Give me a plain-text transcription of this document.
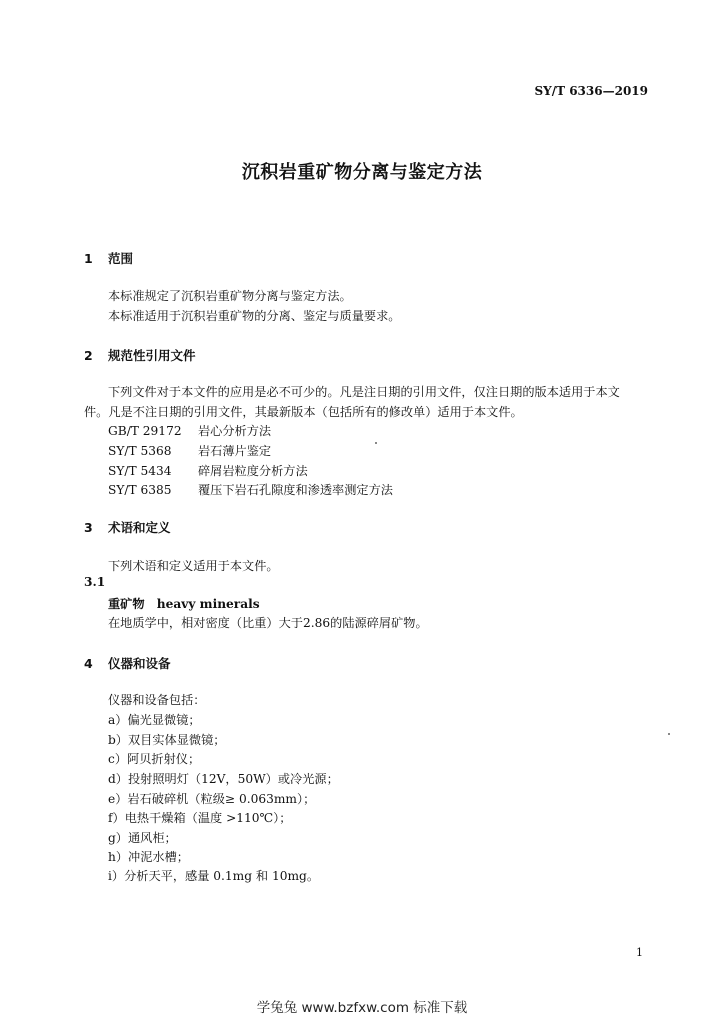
SY/T 6336—2019
沉积岩重矿物分离与鉴定方法
1 范围
本标准规定了沉积岩重矿物分离与鉴定方法。
本标准适用于沉积岩重矿物的分离、鉴定与质量要求。
2 规范性引用文件
下列文件对于本文件的应用是必不可少的。凡是注日期的引用文件，仅注日期的版本适用于本文
件。凡是不注日期的引用文件，其最新版本（包括所有的修改单）适用于本文件。
GB/T 29172 岩心分析方法
SY/T 5368 岩石薄片鉴定
SY/T 5434 碎屑岩粒度分析方法
SY/T 6385 覆压下岩石孔隙度和渗透率测定方法
3 术语和定义
下列术语和定义适用于本文件。
3.1
重矿物　heavy minerals
在地质学中，相对密度（比重）大于2.86的陆源碎屑矿物。
4 仪器和设备
仪器和设备包括：
a）偏光显微镜；
b）双目实体显微镜；
c）阿贝折射仪；
d）投射照明灯（12V，50W）或冷光源；
e）岩石破碎机（粒级≥ 0.063mm）；
f）电热干燥箱（温度 >110℃）；
g）通风柜；
h）冲泥水槽；
i）分析天平，感量 0.1mg 和 10mg。
1
学兔兔 www.bzfxw.com 标准下载
